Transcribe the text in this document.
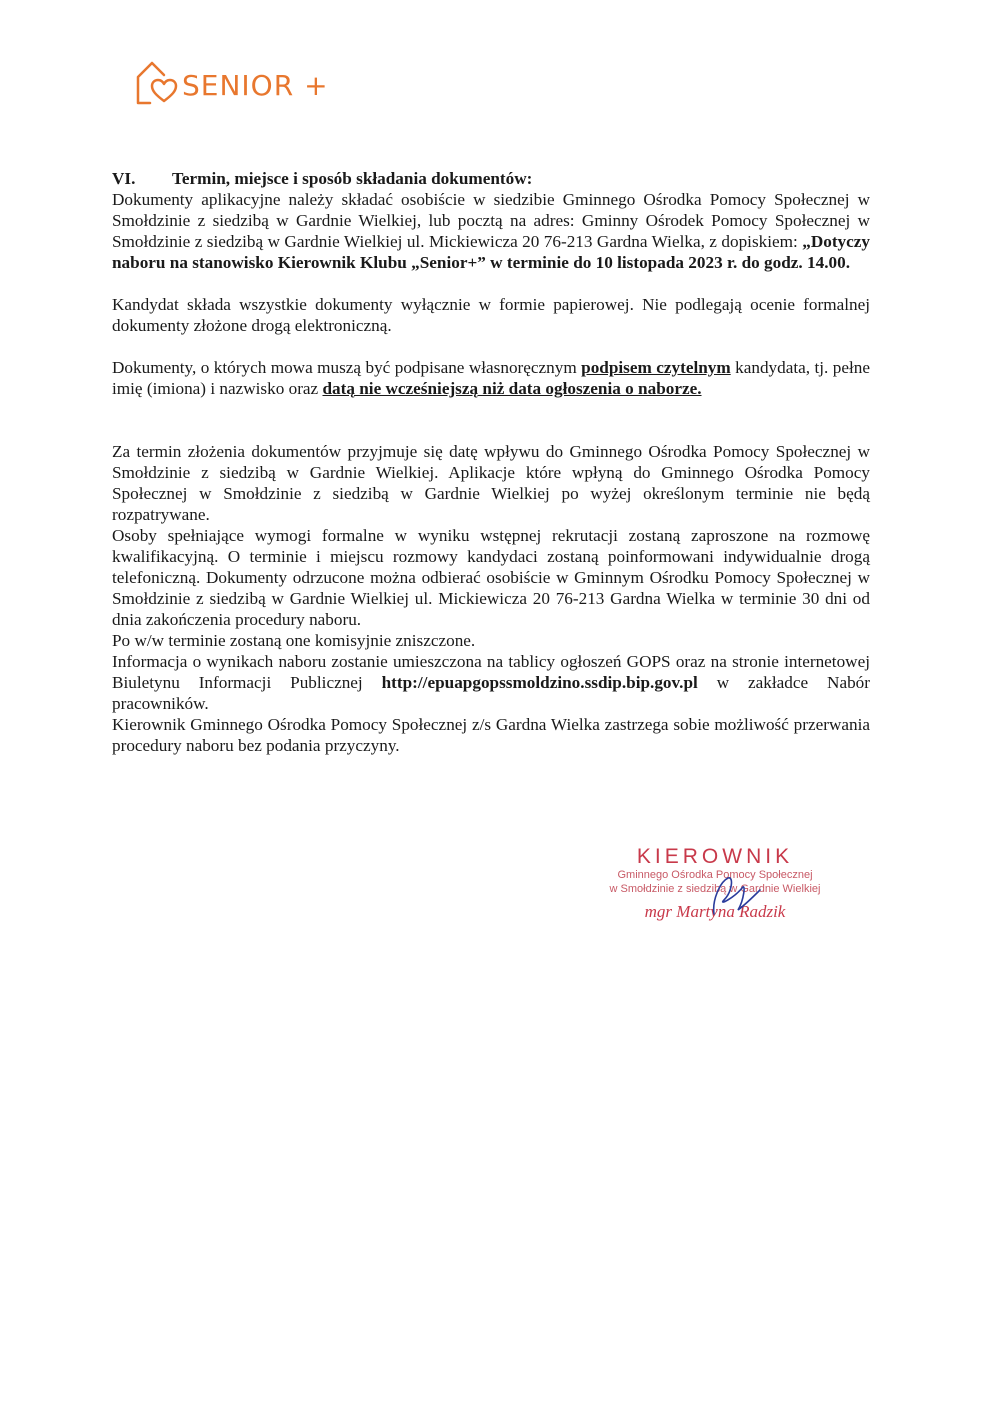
SENIOR +

VI. Termin, miejsce i sposób składania dokumentów:

Dokumenty aplikacyjne należy składać osobiście w siedzibie Gminnego Ośrodka Pomocy Społecznej w Smołdzinie z siedzibą w Gardnie Wielkiej, lub pocztą na adres: Gminny Ośrodek Pomocy Społecznej w Smołdzinie z siedzibą w Gardnie Wielkiej ul. Mickiewicza 20 76-213 Gardna Wielka, z dopiskiem: „Dotyczy naboru na stanowisko Kierownik Klubu „Senior+” w terminie do 10 listopada 2023 r. do godz. 14.00.

Kandydat składa wszystkie dokumenty wyłącznie w formie papierowej. Nie podlegają ocenie formalnej dokumenty złożone drogą elektroniczną.

Dokumenty, o których mowa muszą być podpisane własnoręcznym podpisem czytelnym kandydata, tj. pełne imię (imiona) i nazwisko oraz datą nie wcześniejszą niż data ogłoszenia o naborze.

Za termin złożenia dokumentów przyjmuje się datę wpływu do Gminnego Ośrodka Pomocy Społecznej w Smołdzinie z siedzibą w Gardnie Wielkiej. Aplikacje które wpłyną do Gminnego Ośrodka Pomocy Społecznej w Smołdzinie z siedzibą w Gardnie Wielkiej po wyżej określonym terminie nie będą rozpatrywane.

Osoby spełniające wymogi formalne w wyniku wstępnej rekrutacji zostaną zaproszone na rozmowę kwalifikacyjną. O terminie i miejscu rozmowy kandydaci zostaną poinformowani indywidualnie drogą telefoniczną. Dokumenty odrzucone można odbierać osobiście w Gminnym Ośrodku Pomocy Społecznej w Smołdzinie z siedzibą w Gardnie Wielkiej ul. Mickiewicza 20 76-213 Gardna Wielka w terminie 30 dni od dnia zakończenia procedury naboru.

Po w/w terminie zostaną one komisyjnie zniszczone.

Informacja o wynikach naboru zostanie umieszczona na tablicy ogłoszeń GOPS oraz na stronie internetowej Biuletynu Informacji Publicznej http://epuapgopssmoldzino.ssdip.bip.gov.pl w zakładce Nabór pracowników.

Kierownik Gminnego Ośrodka Pomocy Społecznej z/s Gardna Wielka zastrzega sobie możliwość przerwania procedury naboru bez podania przyczyny.

KIEROWNIK
Gminnego Ośrodka Pomocy Społecznej
w Smołdzinie z siedzibą w Gardnie Wielkiej
mgr Martyna Radzik
